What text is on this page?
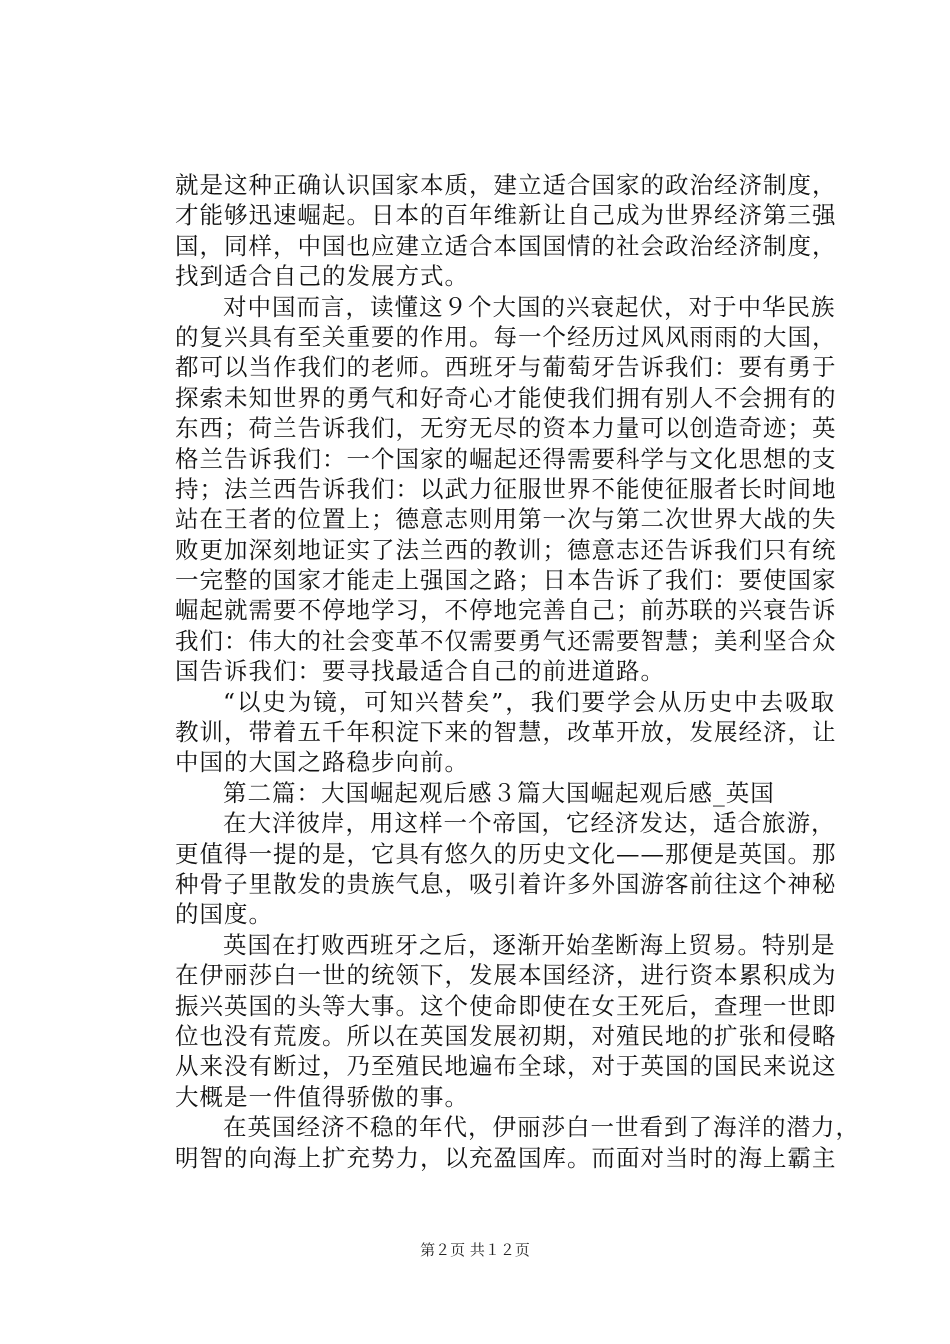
就是这种正确认识国家本质，建立适合国家的政治经济制度，
才能够迅速崛起。日本的百年维新让自己成为世界经济第三强
国，同样，中国也应建立适合本国国情的社会政治经济制度，
找到适合自己的发展方式。
对中国而言，读懂这９个大国的兴衰起伏，对于中华民族
的复兴具有至关重要的作用。每一个经历过风风雨雨的大国，
都可以当作我们的老师。西班牙与葡萄牙告诉我们：要有勇于
探索未知世界的勇气和好奇心才能使我们拥有别人不会拥有的
东西；荷兰告诉我们，无穷无尽的资本力量可以创造奇迹；英
格兰告诉我们：一个国家的崛起还得需要科学与文化思想的支
持；法兰西告诉我们：以武力征服世界不能使征服者长时间地
站在王者的位置上；德意志则用第一次与第二次世界大战的失
败更加深刻地证实了法兰西的教训；德意志还告诉我们只有统
一完整的国家才能走上强国之路；日本告诉了我们：要使国家
崛起就需要不停地学习，不停地完善自己；前苏联的兴衰告诉
我们：伟大的社会变革不仅需要勇气还需要智慧；美利坚合众
国告诉我们：要寻找最适合自己的前进道路。
“以史为镜，可知兴替矣”，我们要学会从历史中去吸取
教训，带着五千年积淀下来的智慧，改革开放，发展经济，让
中国的大国之路稳步向前。
第二篇：大国崛起观后感３篇大国崛起观后感_英国
在大洋彼岸，用这样一个帝国，它经济发达，适合旅游，
更值得一提的是，它具有悠久的历史文化——那便是英国。那
种骨子里散发的贵族气息，吸引着许多外国游客前往这个神秘
的国度。
英国在打败西班牙之后，逐渐开始垄断海上贸易。特别是
在伊丽莎白一世的统领下，发展本国经济，进行资本累积成为
振兴英国的头等大事。这个使命即使在女王死后，查理一世即
位也没有荒废。所以在英国发展初期，对殖民地的扩张和侵略
从来没有断过，乃至殖民地遍布全球，对于英国的国民来说这
大概是一件值得骄傲的事。
在英国经济不稳的年代，伊丽莎白一世看到了海洋的潜力，
明智的向海上扩充势力，以充盈国库。而面对当时的海上霸主
第２页 共１２页
